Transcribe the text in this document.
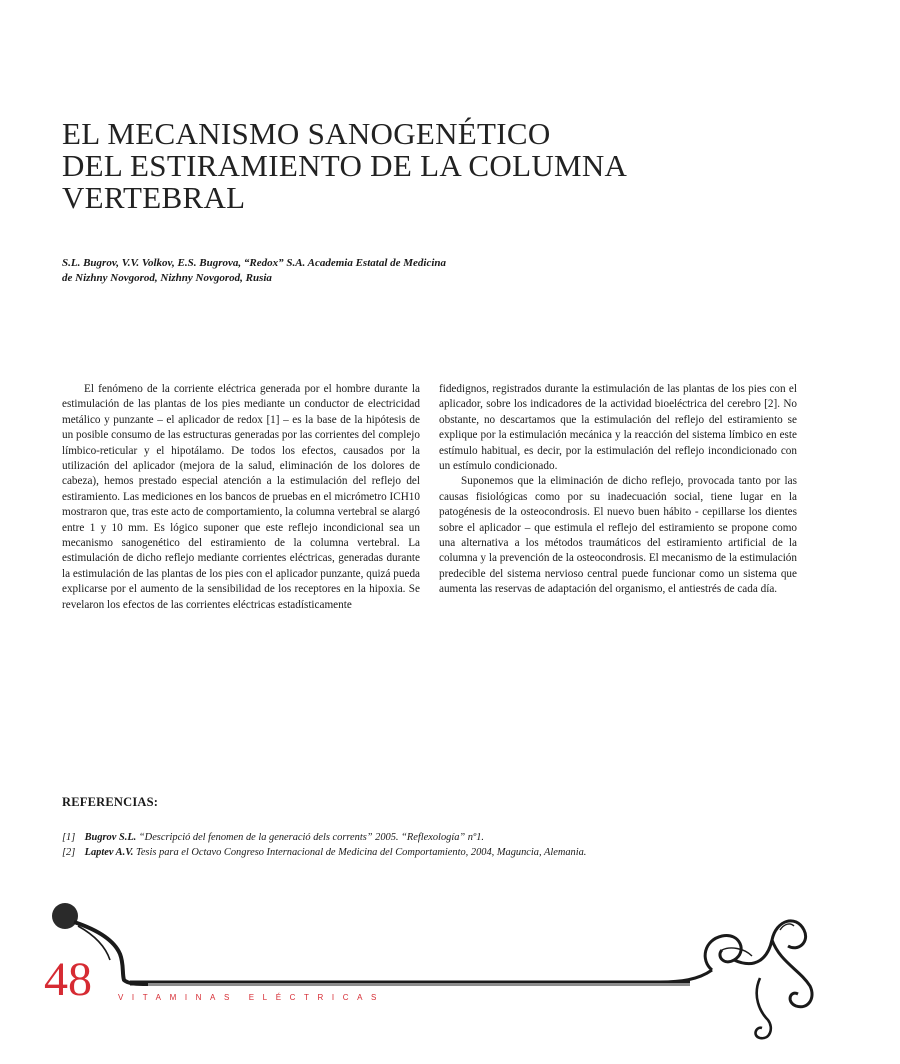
EL MECANISMO SANOGENÉTICO
DEL ESTIRAMIENTO DE LA COLUMNA
VERTEBRAL
S.L. Bugrov, V.V. Volkov, E.S. Bugrova, “Redox” S.A. Academia Estatal de Medicina
de Nizhny Novgorod, Nizhny Novgorod, Rusia

El fenómeno de la corriente eléctrica generada por el hombre durante la estimulación de las plantas de los pies mediante un conductor de electricidad metálico y punzante – el aplicador de redox [1] – es la base de la hipótesis de un posible consumo de las estructuras generadas por las corrientes del complejo límbico-reticular y el hipotálamo. De todos los efectos, causados por la utilización del aplicador (mejora de la salud, eliminación de los dolores de cabeza), hemos prestado especial atención a la estimulación del reflejo del estiramiento. Las mediciones en los bancos de pruebas en el micrómetro ICH10 mostraron que, tras este acto de comportamiento, la columna vertebral se alargó entre 1 y 10 mm. Es lógico suponer que este reflejo incondicional sea un mecanismo sanogenético del estiramiento de la columna vertebral. La estimulación de dicho reflejo mediante corrientes eléctricas, generadas durante la estimulación de las plantas de los pies con el aplicador punzante, quizá pueda explicarse por el aumento de la sensibilidad de los receptores en la hipoxia. Se revelaron los efectos de las corrientes eléctricas estadísticamente

fidedignos, registrados durante la estimulación de las plantas de los pies con el aplicador, sobre los indicadores de la actividad bioeléctrica del cerebro [2]. No obstante, no descartamos que la estimulación del reflejo del estiramiento se explique por la estimulación mecánica y la reacción del sistema límbico en este estímulo habitual, es decir, por la estimulación del reflejo incondicionado con un estímulo condicionado.

Suponemos que la eliminación de dicho reflejo, provocada tanto por las causas fisiológicas como por su inadecuación social, tiene lugar en la patogénesis de la osteocondrosis. El nuevo buen hábito - cepillarse los dientes sobre el aplicador – que estimula el reflejo del estiramiento se propone como una alternativa a los métodos traumáticos del estiramiento artificial de la columna y la prevención de la osteocondrosis. El mecanismo de la estimulación predecible del sistema nervioso central puede funcionar como un sistema que aumenta las reservas de adaptación del organismo, el antiestrés de cada día.

REFERENCIAS:
[1] Bugrov S.L. “Descripció del fenomen de la generació dels corrents” 2005. “Reflexología” nº1.
[2] Laptev A.V. Tesis para el Octavo Congreso Internacional de Medicina del Comportamiento, 2004, Maguncia, Alemania.

48	VITAMINAS ELÉCTRICAS
